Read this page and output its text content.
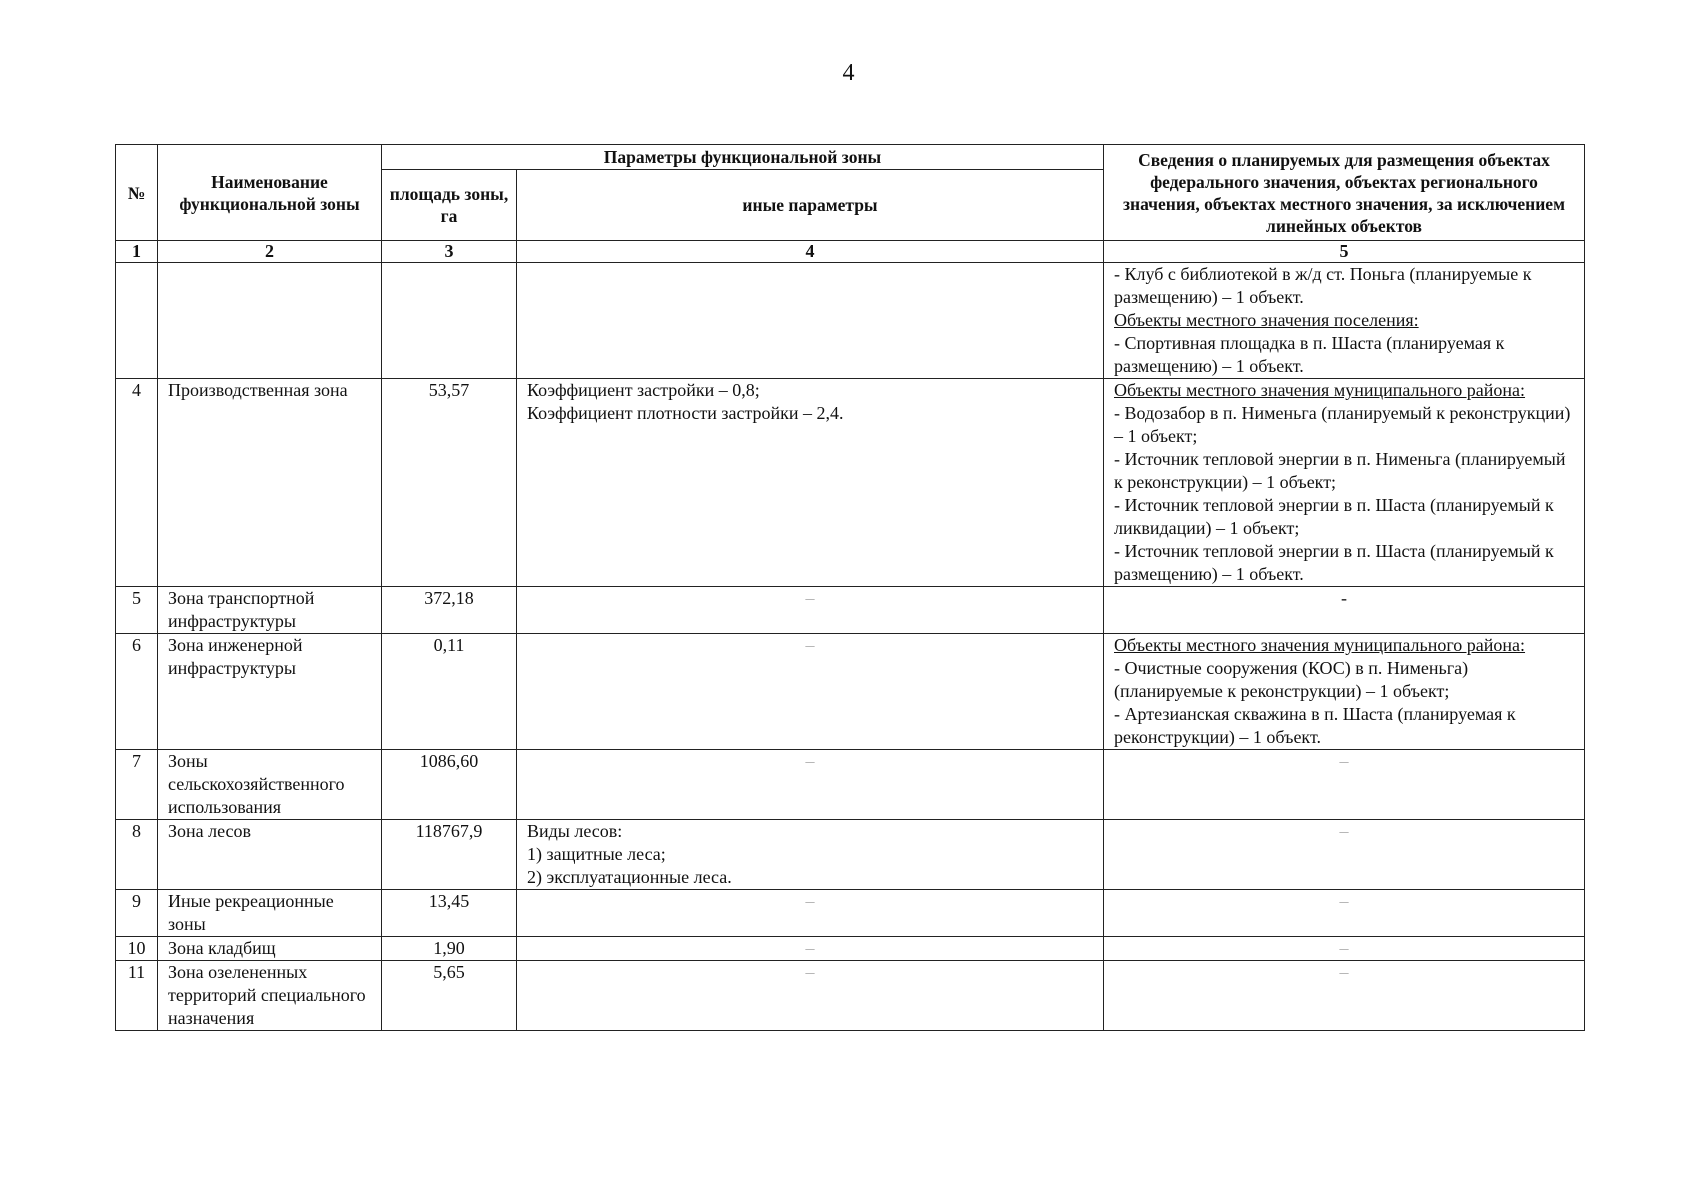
4
№	Наименование функциональной зоны	Параметры функциональной зоны		Сведения о планируемых для размещения объектах федерального значения, объектах регионального значения, объектах местного значения, за исключением линейных объектов
		площадь зоны, га	иные параметры	
1	2	3	4	5

				- Клуб с библиотекой в ж/д ст. Поньга (планируемые к размещению) – 1 объект.
Объекты местного значения поселения:
- Спортивная площадка в п. Шаста (планируемая к размещению) – 1 объект.

4	Производственная зона	53,57	Коэффициент застройки – 0,8;
Коэффициент плотности застройки – 2,4.	Объекты местного значения муниципального района:
- Водозабор в п. Нименьга (планируемый к реконструкции) – 1 объект;
- Источник тепловой энергии в п. Нименьга (планируемый к реконструкции) – 1 объект;
- Источник тепловой энергии в п. Шаста (планируемый к ликвидации) – 1 объект;
- Источник тепловой энергии в п. Шаста (планируемый к размещению) – 1 объект.

5	Зона транспортной инфраструктуры	372,18	–	-

6	Зона инженерной инфраструктуры	0,11	–	Объекты местного значения муниципального района:
- Очистные сооружения (КОС) в п. Нименьга) (планируемые к реконструкции) – 1 объект;
- Артезианская скважина в п. Шаста (планируемая к реконструкции) – 1 объект.

7	Зоны сельскохозяйственного использования	1086,60	–	–

8	Зона лесов	118767,9	Виды лесов:
1) защитные леса;
2) эксплуатационные леса.	–

9	Иные рекреационные зоны	13,45	–	–

10	Зона кладбищ	1,90	–	–

11	Зона озелененных территорий специального назначения	5,65	–	–
